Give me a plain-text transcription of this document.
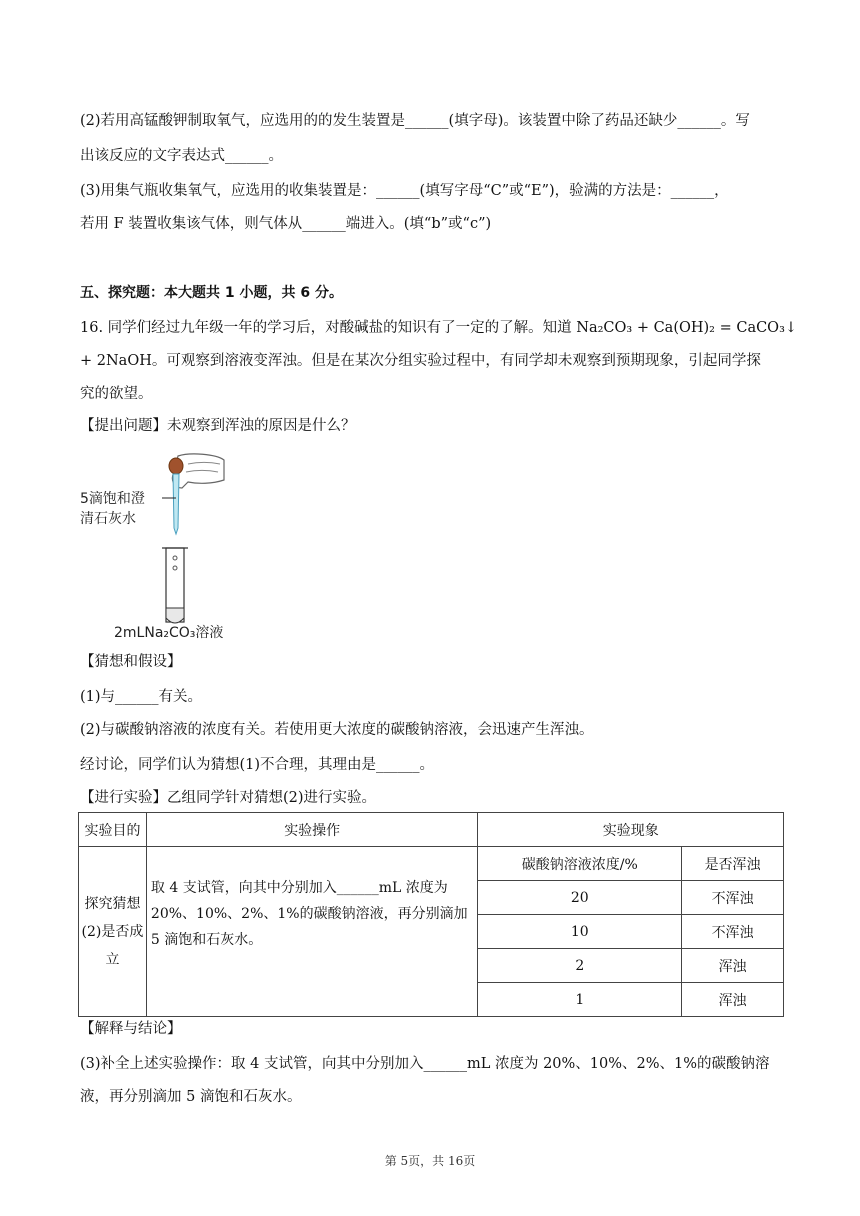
(2)若用高锰酸钾制取氧气，应选用的的发生装置是______(填字母)。该装置中除了药品还缺少______。写
出该反应的文字表达式______。
(3)用集气瓶收集氧气，应选用的收集装置是：______(填写字母“C”或“E”)，验满的方法是：______，
若用 F 装置收集该气体，则气体从______端进入。(填“b”或“c”)
五、探究题：本大题共 1 小题，共 6 分。
16. 同学们经过九年级一年的学习后，对酸碱盐的知识有了一定的了解。知道 Na₂CO₃ + Ca(OH)₂ = CaCO₃↓
+ 2NaOH。可观察到溶液变浑浊。但是在某次分组实验过程中，有同学却未观察到预期现象，引起同学探
究的欲望。
【提出问题】未观察到浑浊的原因是什么？
5滴饱和澄
清石灰水
2mLNa₂CO₃溶液
【猜想和假设】
(1)与______有关。
(2)与碳酸钠溶液的浓度有关。若使用更大浓度的碳酸钠溶液，会迅速产生浑浊。
经讨论，同学们认为猜想(1)不合理，其理由是______。
【进行实验】乙组同学针对猜想(2)进行实验。
实验目的	实验操作	实验现象	
探究猜想(2)是否成立	取 4 支试管，向其中分别加入______mL 浓度为 20%、10%、2%、1%的碳酸钠溶液，再分别滴加 5 滴饱和石灰水。	碳酸钠溶液浓度/%	是否浑浊
		20	不浑浊
		10	不浑浊
		2	浑浊
		1	浑浊
【解释与结论】
(3)补全上述实验操作：取 4 支试管，向其中分别加入______mL 浓度为 20%、10%、2%、1%的碳酸钠溶
液，再分别滴加 5 滴饱和石灰水。
第 5页，共 16页
